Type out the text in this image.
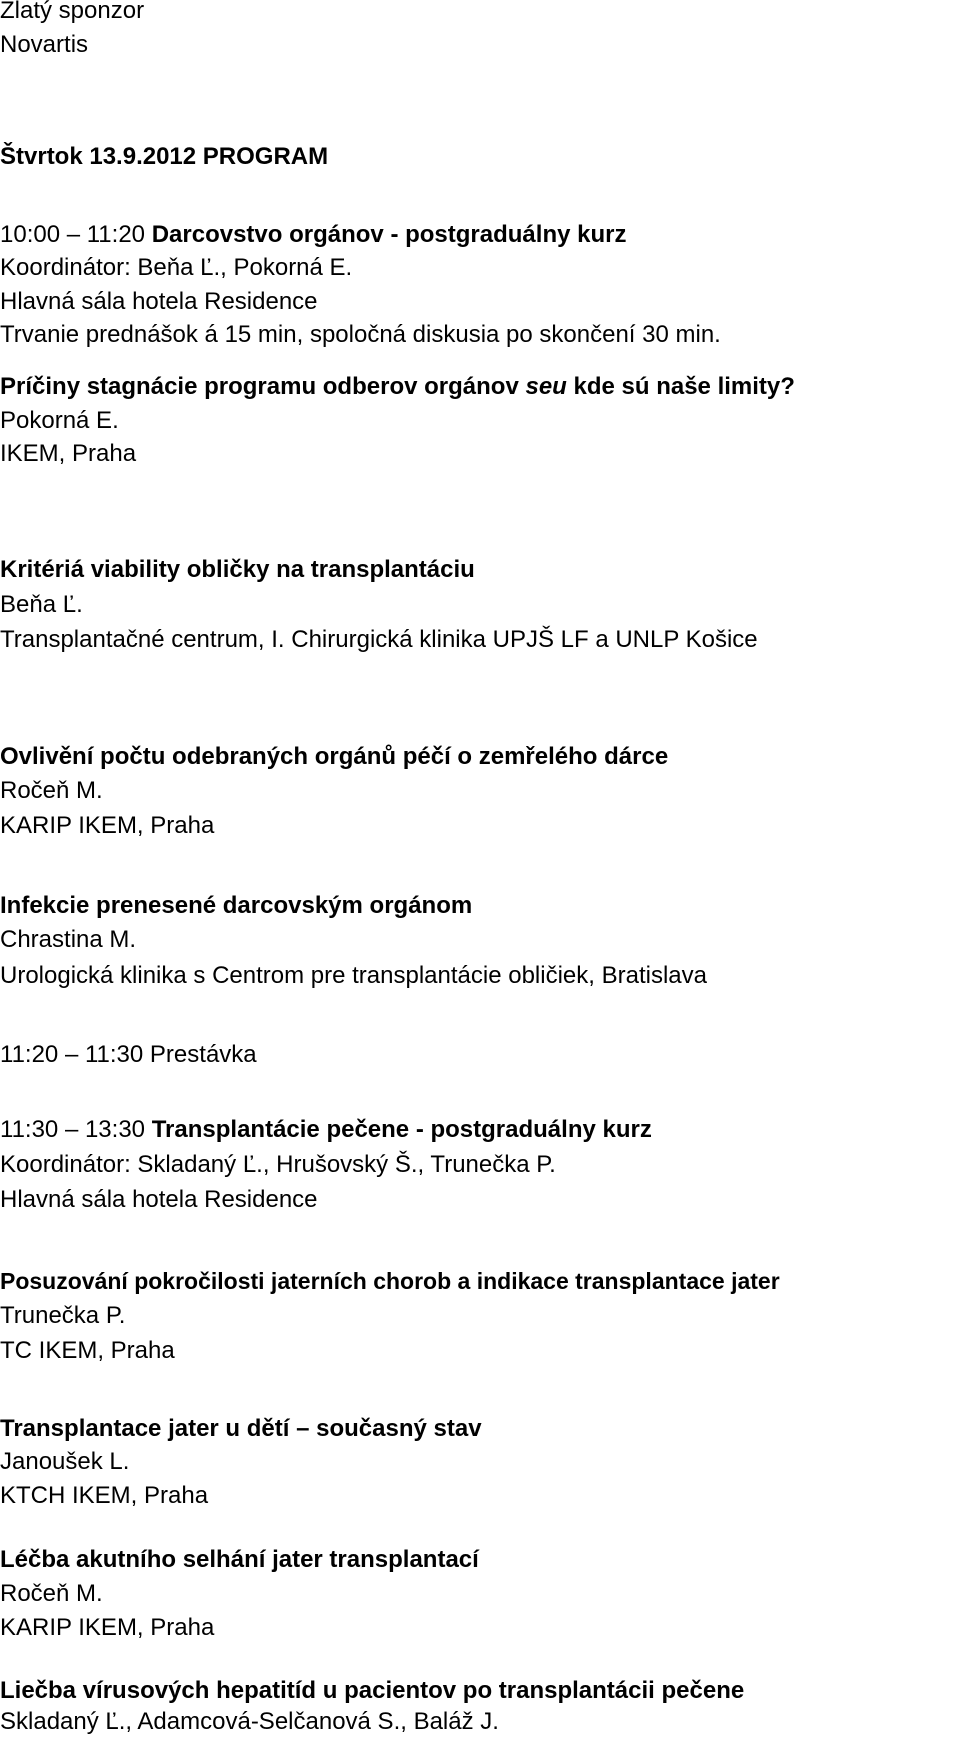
Zlatý sponzor
Novartis
Štvrtok 13.9.2012 PROGRAM
10:00 – 11:20 Darcovstvo orgánov - postgraduálny kurz
Koordinátor: Beňa Ľ., Pokorná E.
Hlavná sála hotela Residence
Trvanie prednášok á 15 min, spoločná diskusia po skončení 30 min.
Príčiny stagnácie programu odberov orgánov seu kde sú naše limity?
Pokorná E.
IKEM, Praha
Kritériá viability obličky na transplantáciu
Beňa Ľ.
Transplantačné centrum, I. Chirurgická klinika UPJŠ LF a UNLP Košice
Ovlivění počtu odebraných orgánů péčí o zemřelého dárce
Ročeň M.
KARIP IKEM, Praha
Infekcie prenesené darcovským orgánom
Chrastina M.
Urologická klinika s Centrom pre transplantácie obličiek, Bratislava
11:20 – 11:30 Prestávka
11:30 – 13:30 Transplantácie pečene - postgraduálny kurz
Koordinátor: Skladaný Ľ., Hrušovský Š., Trunečka P.
Hlavná sála hotela Residence
Posuzování pokročilosti jaterních chorob a indikace transplantace jater
Trunečka P.
TC IKEM, Praha
Transplantace jater u dětí – současný stav
Janoušek L.
KTCH IKEM, Praha
Léčba akutního selhání jater transplantací
Ročeň M.
KARIP IKEM, Praha
Liečba vírusových hepatitíd u pacientov po transplantácii pečene
Skladaný Ľ., Adamcová-Selčanová S., Baláž J.
